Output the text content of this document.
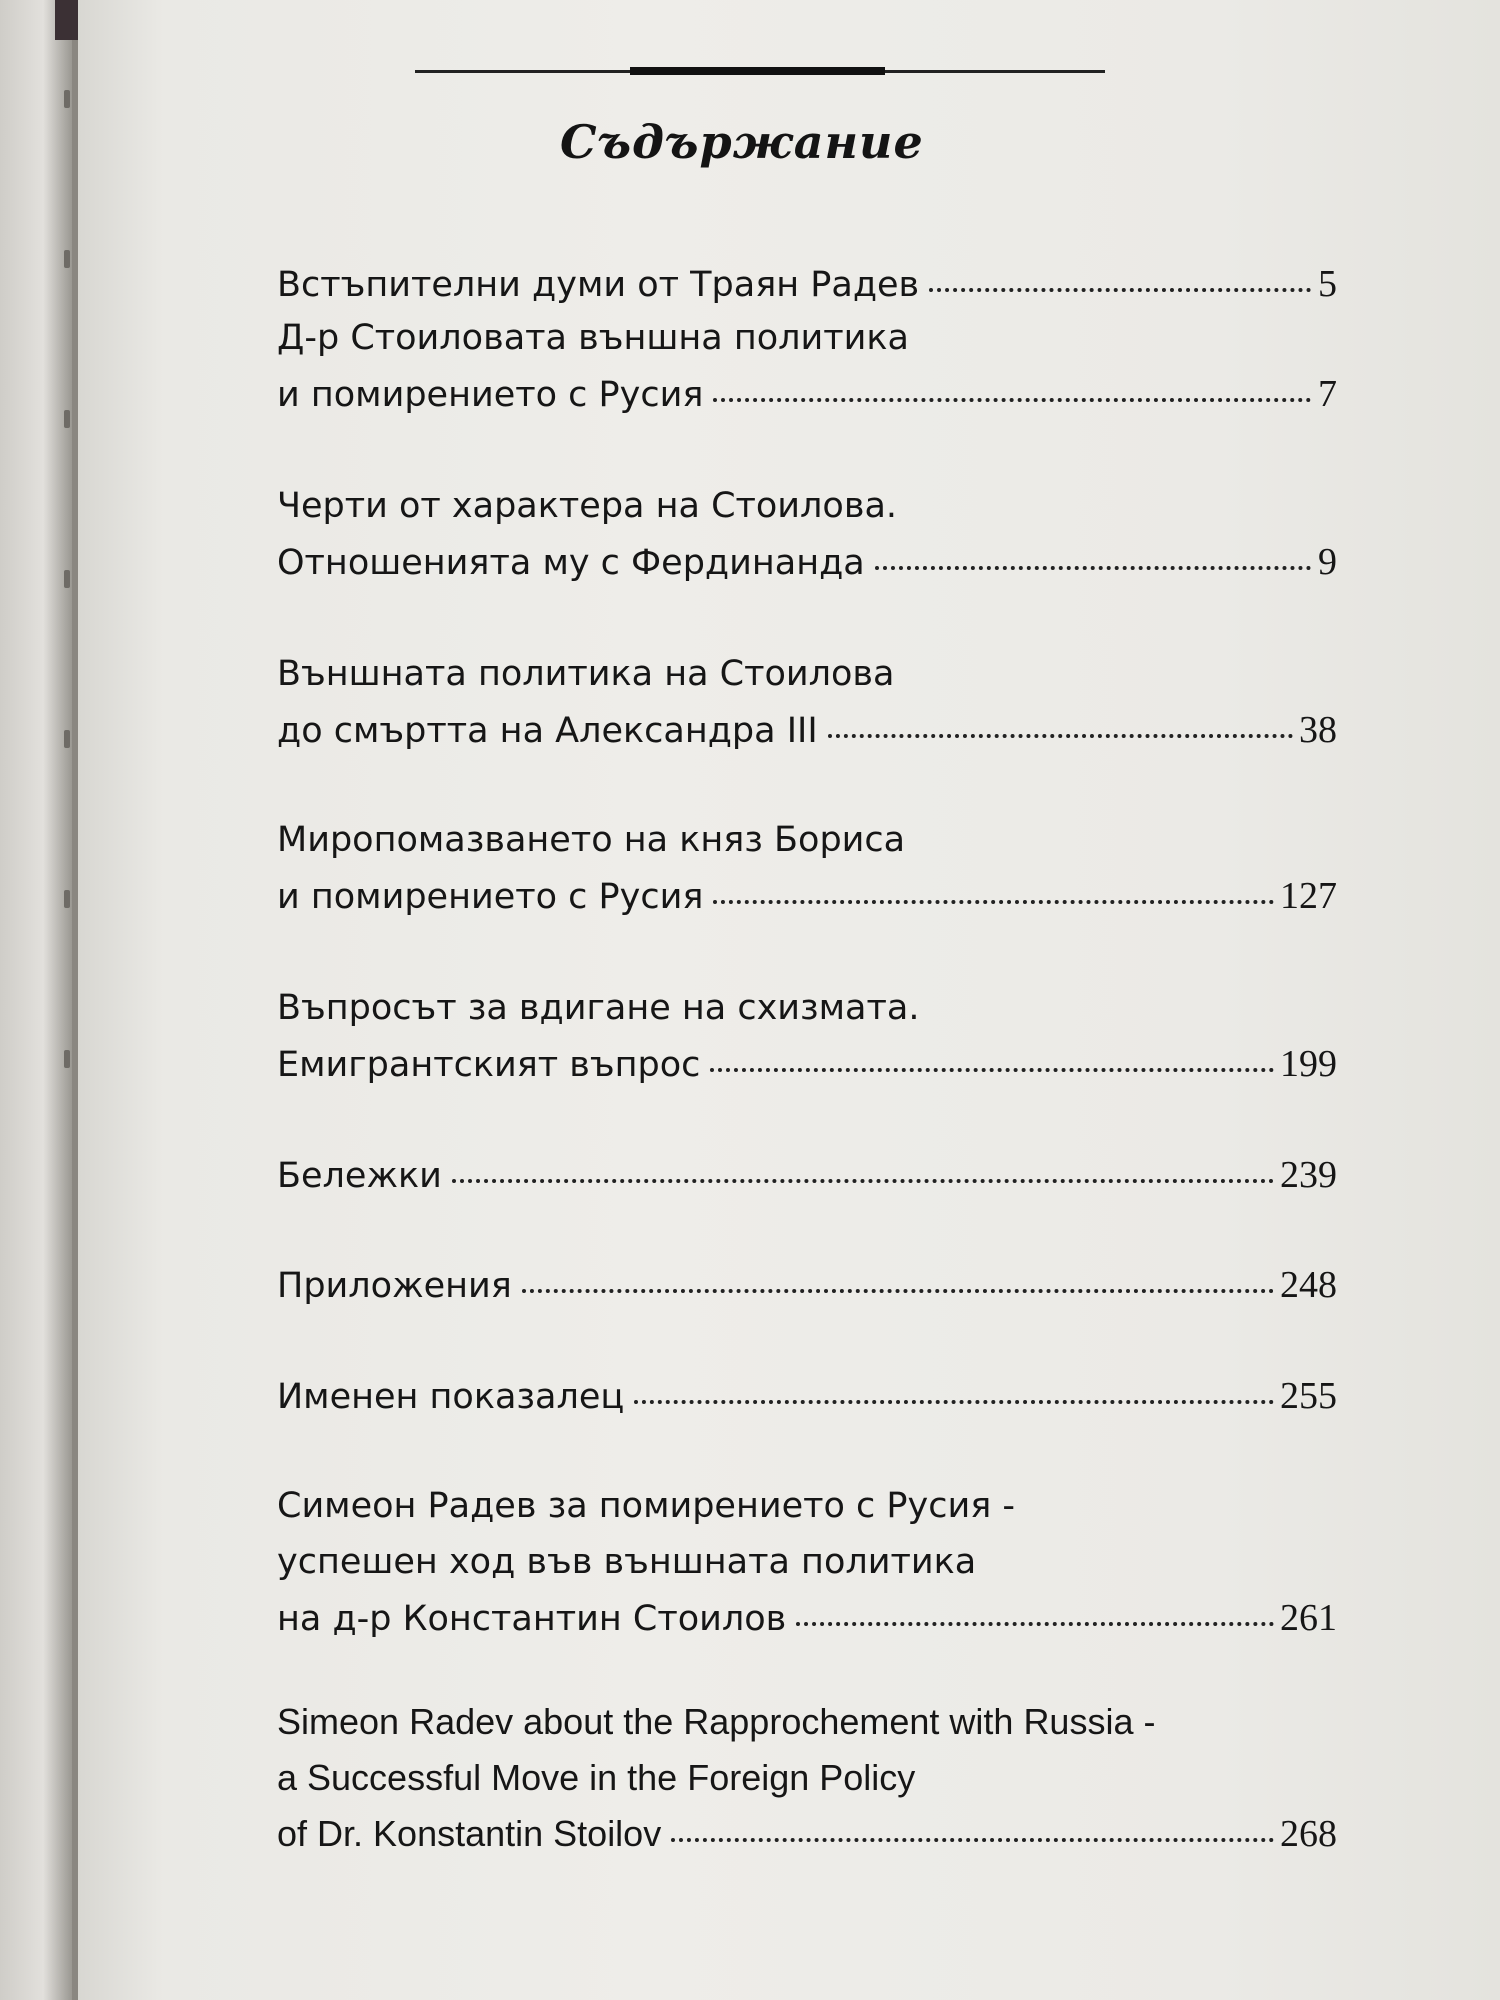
Съдържание
Встъпителни думи от Траян Радев	5
Д-р Стоиловата външна политика
и помирението с Русия	7
Черти от характера на Стоилова.
Отношенията му с Фердинанда	9
Външната политика на Стоилова
до смъртта на Александра III	38
Миропомазването на княз Бориса
и помирението с Русия	127
Въпросът за вдигане на схизмата.
Емигрантският въпрос	199
Бележки	239
Приложения	248
Именен показалец	255
Симеон Радев за помирението с Русия -
успешен ход във външната политика
на д-р Константин Стоилов	261
Simeon Radev about the Rapprochement with Russia -
a Successful Move in the Foreign Policy
of Dr. Konstantin Stoilov	268
